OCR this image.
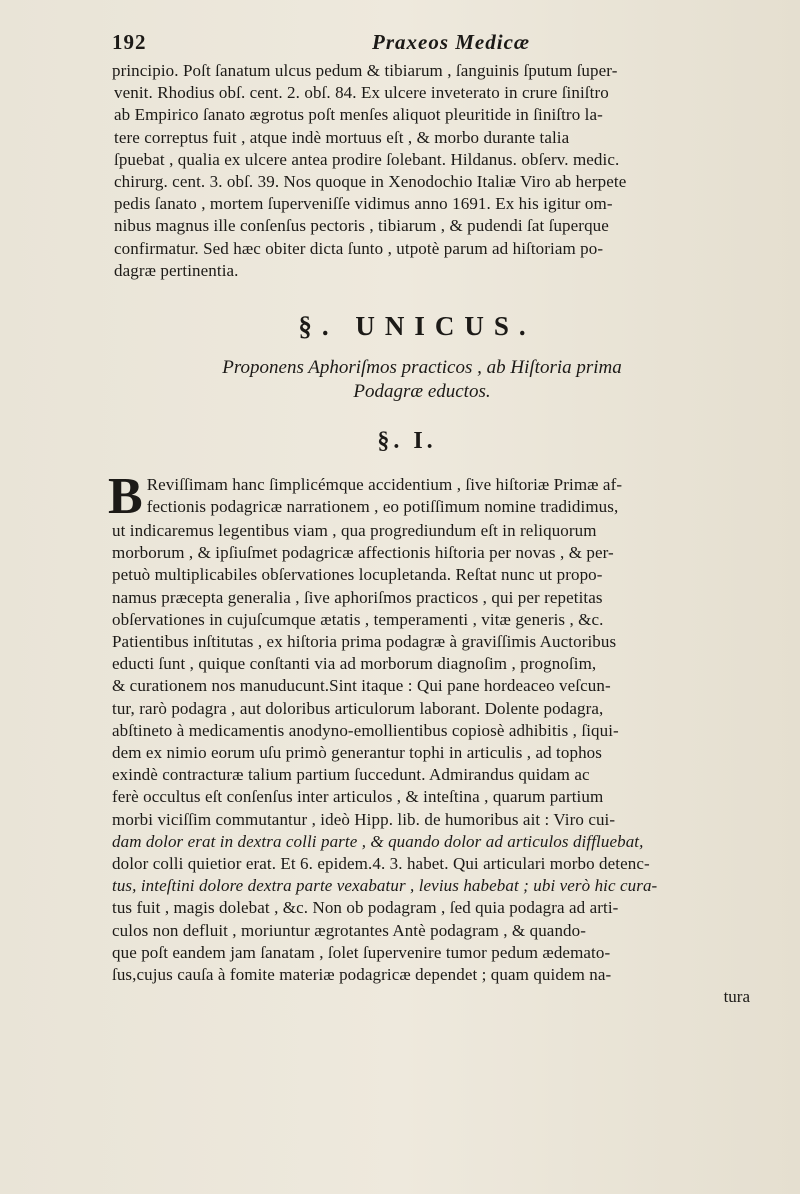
192	Praxeos Medicæ
principio. Poſt ſanatum ulcus pedum & tibiarum , ſanguinis ſputum ſuper-
venit. Rhodius obſ. cent. 2. obſ. 84. Ex ulcere inveterato in crure ſiniſtro
ab Empirico ſanato ægrotus poſt menſes aliquot pleuritide in ſiniſtro la-
tere correptus fuit , atque indè mortuus eſt , & morbo durante talia
ſpuebat , qualia ex ulcere antea prodire ſolebant. Hildanus. obſerv. medic.
chirurg. cent. 3. obſ. 39. Nos quoque in Xenodochio Italiæ Viro ab herpete
pedis ſanato , mortem ſuperveniſſe vidimus anno 1691. Ex his igitur om-
nibus magnus ille conſenſus pectoris , tibiarum , & pudendi ſat ſuperque
confirmatur. Sed hæc obiter dicta ſunto , utpotè parum ad hiſtoriam po-
dagræ pertinentia.
§. UNICUS.
Proponens Aphoriſmos practicos , ab Hiſtoria prima
Podagræ eductos.
§. I.
B Reviſſimam hanc ſimplicémque accidentium , ſive hiſtoriæ Primæ af-
fectionis podagricæ narrationem , eo potiſſimum nomine tradidimus,
ut indicaremus legentibus viam , qua progrediundum eſt in reliquorum
morborum , & ipſiuſmet podagricæ affectionis hiſtoria per novas , & per-
petuò multiplicabiles obſervationes locupletanda. Reſtat nunc ut propo-
namus præcepta generalia , ſive aphoriſmos practicos , qui per repetitas
obſervationes in cujuſcumque ætatis , temperamenti , vitæ generis , &c.
Patientibus inſtitutas , ex hiſtoria prima podagræ à graviſſimis Auctoribus
educti ſunt , quique conſtanti via ad morborum diagnoſim , prognoſim,
& curationem nos manuducunt.Sint itaque : Qui pane hordeaceo veſcun-
tur, rarò podagra , aut doloribus articulorum laborant. Dolente podagra,
abſtineto à medicamentis anodyno-emollientibus copiosè adhibitis , ſiqui-
dem ex nimio eorum uſu primò generantur tophi in articulis , ad tophos
exindè contracturæ talium partium ſuccedunt. Admirandus quidam ac
ferè occultus eſt conſenſus inter articulos , & inteſtina , quarum partium
morbi viciſſim commutantur , ideò Hipp. lib. de humoribus ait : Viro cui-
dam dolor erat in dextra colli parte , & quando dolor ad articulos diffluebat,
dolor colli quietior erat. Et 6. epidem.4. 3. habet. Qui articulari morbo detenc-
tus, inteſtini dolore dextra parte vexabatur , levius habebat ; ubi verò hic cura-
tus fuit , magis dolebat , &c. Non ob podagram , ſed quia podagra ad arti-
culos non defluit , moriuntur ægrotantes Antè podagram , & quando-
que poſt eandem jam ſanatam , ſolet ſupervenire tumor pedum ædemato-
ſus,cujus cauſa à fomite materiæ podagricæ dependet ; quam quidem na-
tura
